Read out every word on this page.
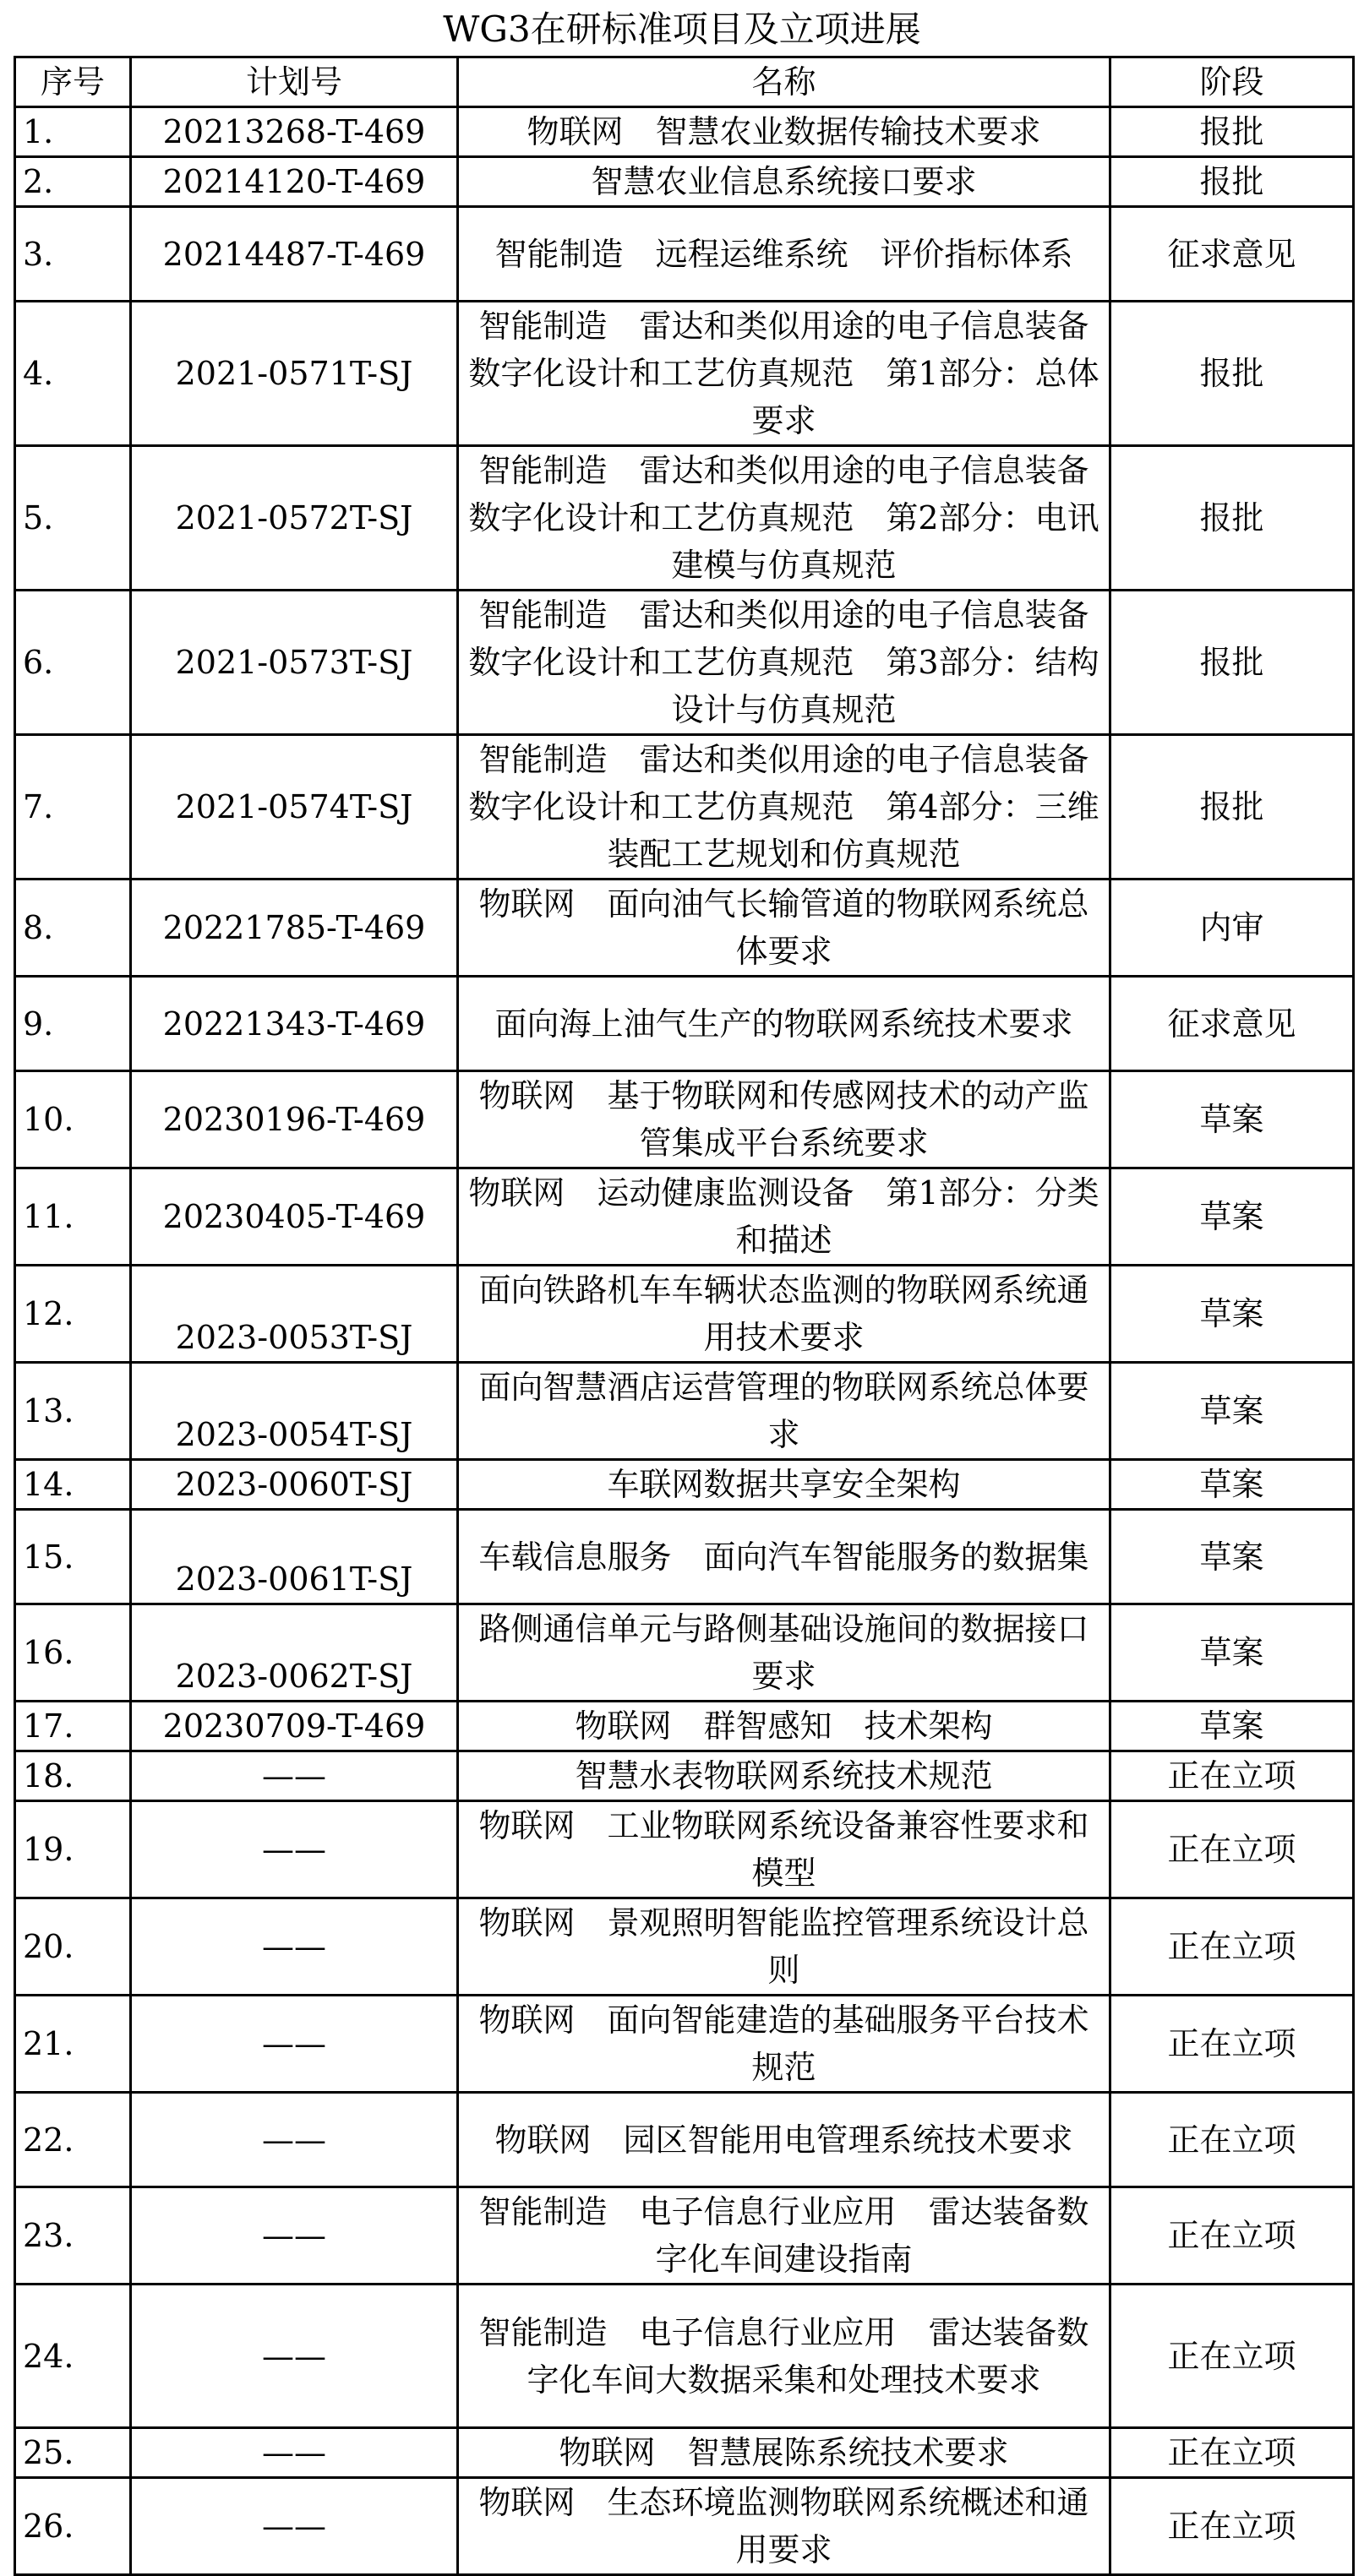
WG3在研标准项目及立项进展
序号	计划号	名称	阶段
1.	20213268-T-469	物联网　智慧农业数据传输技术要求	报批
2.	20214120-T-469	智慧农业信息系统接口要求	报批
3.	20214487-T-469	智能制造　远程运维系统　评价指标体系	征求意见
4.	2021-0571T-SJ	智能制造　雷达和类似用途的电子信息装备数字化设计和工艺仿真规范　第1部分：总体要求	报批
5.	2021-0572T-SJ	智能制造　雷达和类似用途的电子信息装备数字化设计和工艺仿真规范　第2部分：电讯建模与仿真规范	报批
6.	2021-0573T-SJ	智能制造　雷达和类似用途的电子信息装备数字化设计和工艺仿真规范　第3部分：结构设计与仿真规范	报批
7.	2021-0574T-SJ	智能制造　雷达和类似用途的电子信息装备数字化设计和工艺仿真规范　第4部分：三维装配工艺规划和仿真规范	报批
8.	20221785-T-469	物联网　面向油气长输管道的物联网系统总体要求	内审
9.	20221343-T-469	面向海上油气生产的物联网系统技术要求	征求意见
10.	20230196-T-469	物联网　基于物联网和传感网技术的动产监管集成平台系统要求	草案
11.	20230405-T-469	物联网　运动健康监测设备　第1部分：分类和描述	草案
12.	2023-0053T-SJ	面向铁路机车车辆状态监测的物联网系统通用技术要求	草案
13.	2023-0054T-SJ	面向智慧酒店运营管理的物联网系统总体要求	草案
14.	2023-0060T-SJ	车联网数据共享安全架构	草案
15.	2023-0061T-SJ	车载信息服务　面向汽车智能服务的数据集	草案
16.	2023-0062T-SJ	路侧通信单元与路侧基础设施间的数据接口要求	草案
17.	20230709-T-469	物联网　群智感知　技术架构	草案
18.	——	智慧水表物联网系统技术规范	正在立项
19.	——	物联网　工业物联网系统设备兼容性要求和模型	正在立项
20.	——	物联网　景观照明智能监控管理系统设计总则	正在立项
21.	——	物联网　面向智能建造的基础服务平台技术规范	正在立项
22.	——	物联网　园区智能用电管理系统技术要求	正在立项
23.	——	智能制造　电子信息行业应用　雷达装备数字化车间建设指南	正在立项
24.	——	智能制造　电子信息行业应用　雷达装备数字化车间大数据采集和处理技术要求	正在立项
25.	——	物联网　智慧展陈系统技术要求	正在立项
26.	——	物联网　生态环境监测物联网系统概述和通用要求	正在立项
